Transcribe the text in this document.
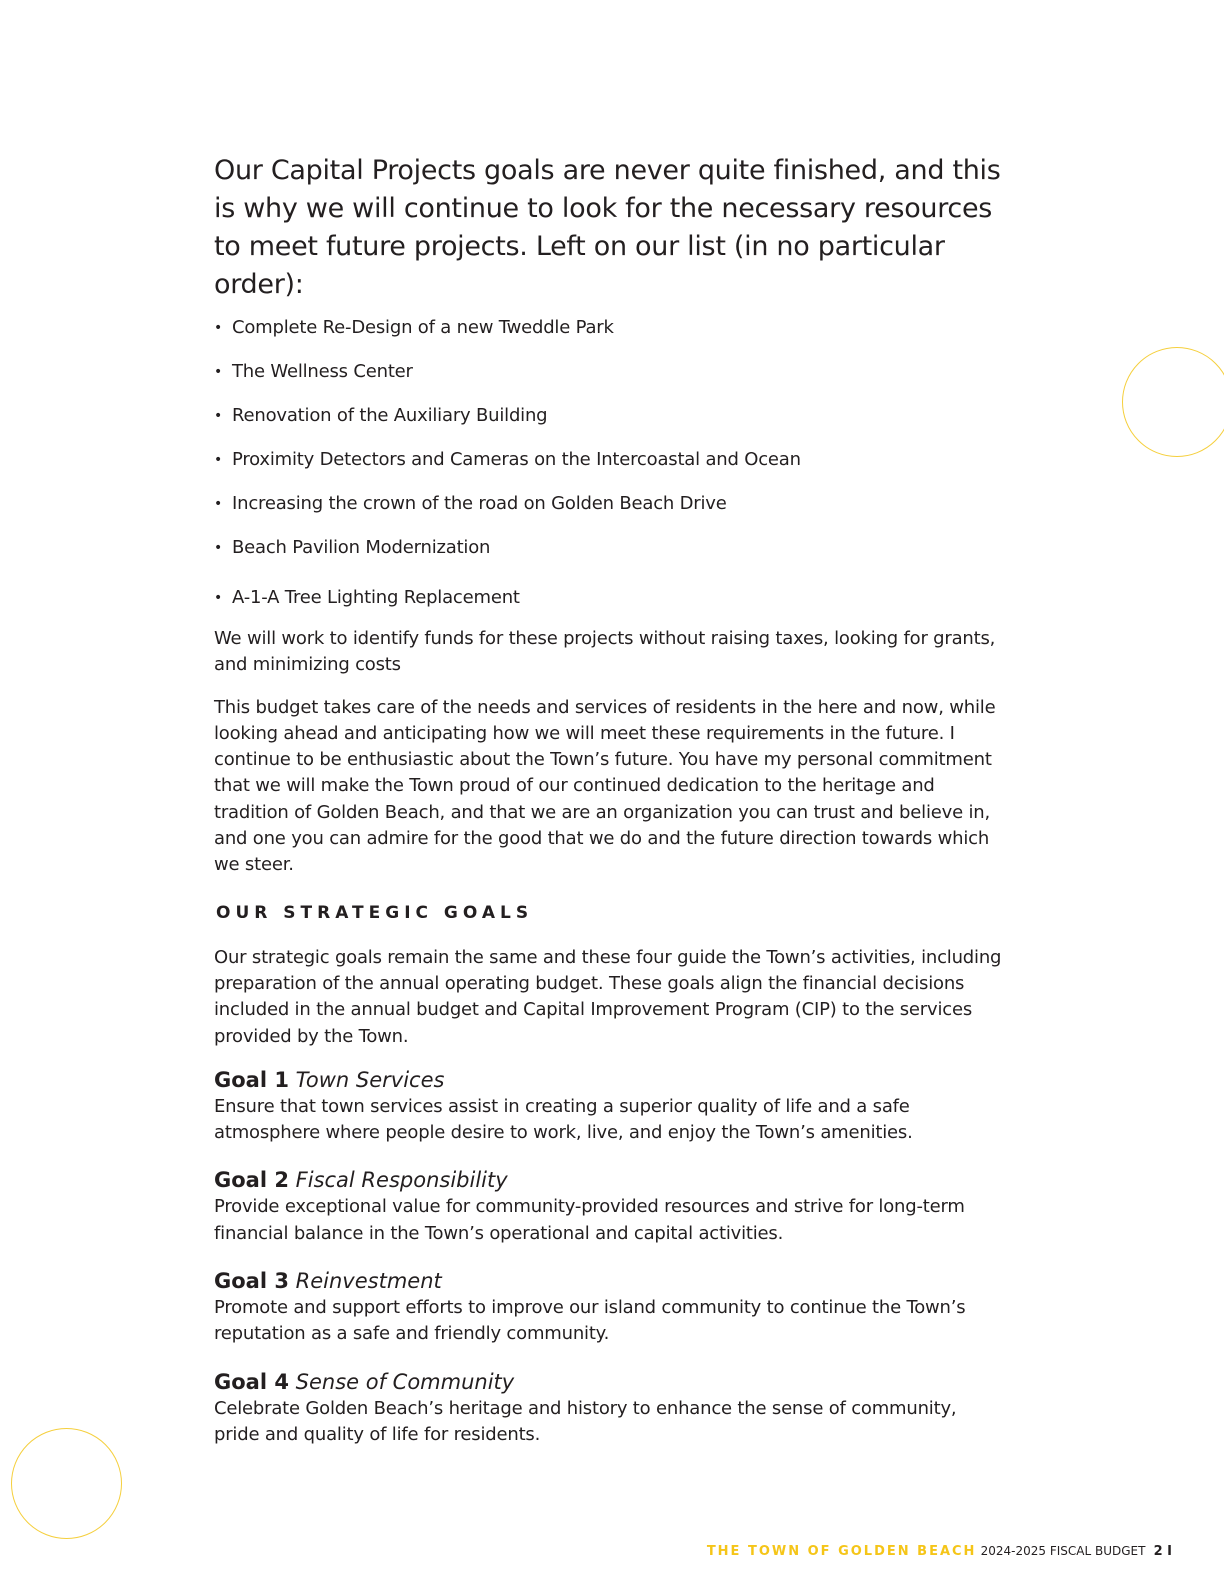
Our Capital Projects goals are never quite finished, and this is why we will continue to look for the necessary resources to meet future projects. Left on our list (in no particular order):

• Complete Re-Design of a new Tweddle Park
• The Wellness Center
• Renovation of the Auxiliary Building
• Proximity Detectors and Cameras on the Intercoastal and Ocean
• Increasing the crown of the road on Golden Beach Drive
• Beach Pavilion Modernization
• A-1-A Tree Lighting Replacement

We will work to identify funds for these projects without raising taxes, looking for grants, and minimizing costs

This budget takes care of the needs and services of residents in the here and now, while looking ahead and anticipating how we will meet these requirements in the future. I continue to be enthusiastic about the Town’s future. You have my personal commitment that we will make the Town proud of our continued dedication to the heritage and tradition of Golden Beach, and that we are an organization you can trust and believe in, and one you can admire for the good that we do and the future direction towards which we steer.

OUR STRATEGIC GOALS

Our strategic goals remain the same and these four guide the Town’s activities, including preparation of the annual operating budget. These goals align the financial decisions included in the annual budget and Capital Improvement Program (CIP) to the services provided by the Town.

Goal 1 Town Services

Ensure that town services assist in creating a superior quality of life and a safe atmosphere where people desire to work, live, and enjoy the Town’s amenities.

Goal 2 Fiscal Responsibility

Provide exceptional value for community-provided resources and strive for long-term financial balance in the Town’s operational and capital activities.

Goal 3 Reinvestment

Promote and support efforts to improve our island community to continue the Town’s reputation as a safe and friendly community.

Goal 4 Sense of Community

Celebrate Golden Beach’s heritage and history to enhance the sense of community, pride and quality of life for residents.

THE TOWN OF GOLDEN BEACH 2024-2025 FISCAL BUDGET 2 I
